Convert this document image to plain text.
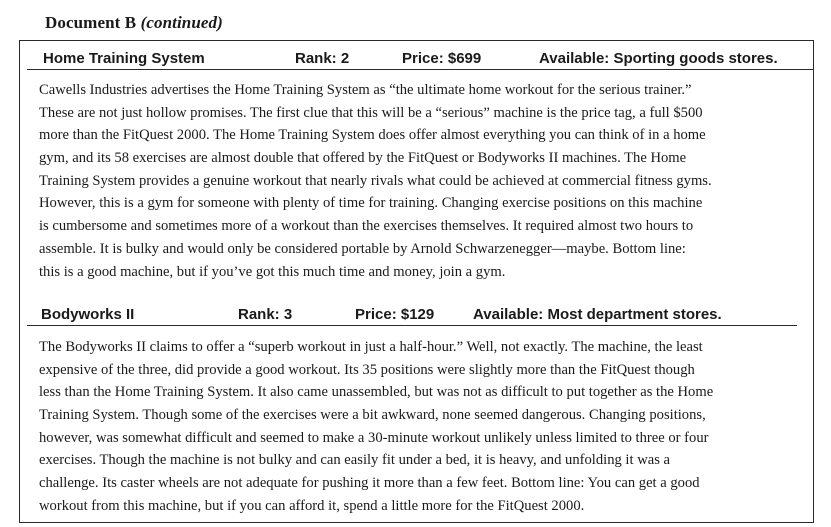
Document B (continued)
Home Training System	Rank: 2	Price: $699	Available: Sporting goods stores.
Cawells Industries advertises the Home Training System as “the ultimate home workout for the serious trainer.”
These are not just hollow promises. The first clue that this will be a “serious” machine is the price tag, a full $500
more than the FitQuest 2000. The Home Training System does offer almost everything you can think of in a home
gym, and its 58 exercises are almost double that offered by the FitQuest or Bodyworks II machines. The Home
Training System provides a genuine workout that nearly rivals what could be achieved at commercial fitness gyms.
However, this is a gym for someone with plenty of time for training. Changing exercise positions on this machine
is cumbersome and sometimes more of a workout than the exercises themselves. It required almost two hours to
assemble. It is bulky and would only be considered portable by Arnold Schwarzenegger—maybe. Bottom line:
this is a good machine, but if you’ve got this much time and money, join a gym.
Bodyworks II	Rank: 3	Price: $129	Available: Most department stores.
The Bodyworks II claims to offer a “superb workout in just a half-hour.” Well, not exactly. The machine, the least
expensive of the three, did provide a good workout. Its 35 positions were slightly more than the FitQuest though
less than the Home Training System. It also came unassembled, but was not as difficult to put together as the Home
Training System. Though some of the exercises were a bit awkward, none seemed dangerous. Changing positions,
however, was somewhat difficult and seemed to make a 30-minute workout unlikely unless limited to three or four
exercises. Though the machine is not bulky and can easily fit under a bed, it is heavy, and unfolding it was a
challenge. Its caster wheels are not adequate for pushing it more than a few feet. Bottom line: You can get a good
workout from this machine, but if you can afford it, spend a little more for the FitQuest 2000.
